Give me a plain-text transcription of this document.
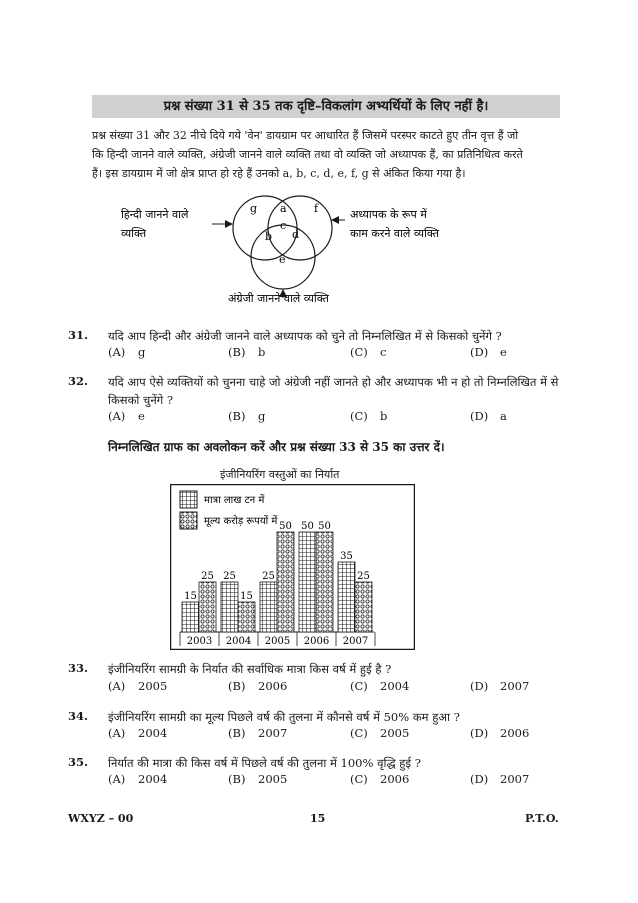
प्रश्न संख्या 31 से 35 तक दृष्टि–विकलांग अभ्यर्थियों के लिए नहीं है।
प्रश्न संख्या 31 और 32 नीचे दिये गये 'वेन' डायग्राम पर आधारित हैं जिसमें परस्पर काटते हुए तीन वृत्त हैं जो
कि हिन्दी जानने वाले व्यक्ति, अंग्रेजी जानने वाले व्यक्ति तथा वो व्यक्ति जो अध्यापक हैं, का प्रतिनिधित्व करते
हैं। इस डायग्राम में जो क्षेत्र प्राप्त हो रहे हैं उनको a, b, c, d, e, f, g से अंकित किया गया है।
g a f
c
b d
e
हिन्दी जानने वाले
व्यक्ति
अध्यापक के रूप में
काम करने वाले व्यक्ति
अंग्रेजी जानने वाले व्यक्ति
31. यदि आप हिन्दी और अंग्रेजी जानने वाले अध्यापक को चुने तो निम्नलिखित में से किसको चुनेंगे ?
(A) g	(B) b	(C) c	(D) e
32. यदि आप ऐसे व्यक्तियों को चुनना चाहे जो अंग्रेजी नहीं जानते हो और अध्यापक भी न हो तो निम्नलिखित में से
किसको चुनेंगे ?
(A) e	(B) g	(C) b	(D) a
निम्नलिखित ग्राफ का अवलोकन करें और प्रश्न संख्या 33 से 35 का उत्तर दें।
इंजीनियरिंग वस्तुओं का निर्यात
मात्रा लाख टन में
मूल्य करोड़ रूपयों में
15
25
2003
25
15
2004
25
50
2005
50 50
2006
35
25
2007
33. इंजीनियरिंग सामग्री के निर्यात की सर्वाधिक मात्रा किस वर्ष में हुई है ?
(A) 2005	(B) 2006	(C) 2004	(D) 2007
34. इंजीनियरिंग सामग्री का मूल्य पिछले वर्ष की तुलना में कौनसे वर्ष में 50% कम हुआ ?
(A) 2004	(B) 2007	(C) 2005	(D) 2006
35. निर्यात की मात्रा की किस वर्ष में पिछले वर्ष की तुलना में 100% वृद्धि हुई ?
(A) 2004	(B) 2005	(C) 2006	(D) 2007
WXYZ – 00	15	P.T.O.
